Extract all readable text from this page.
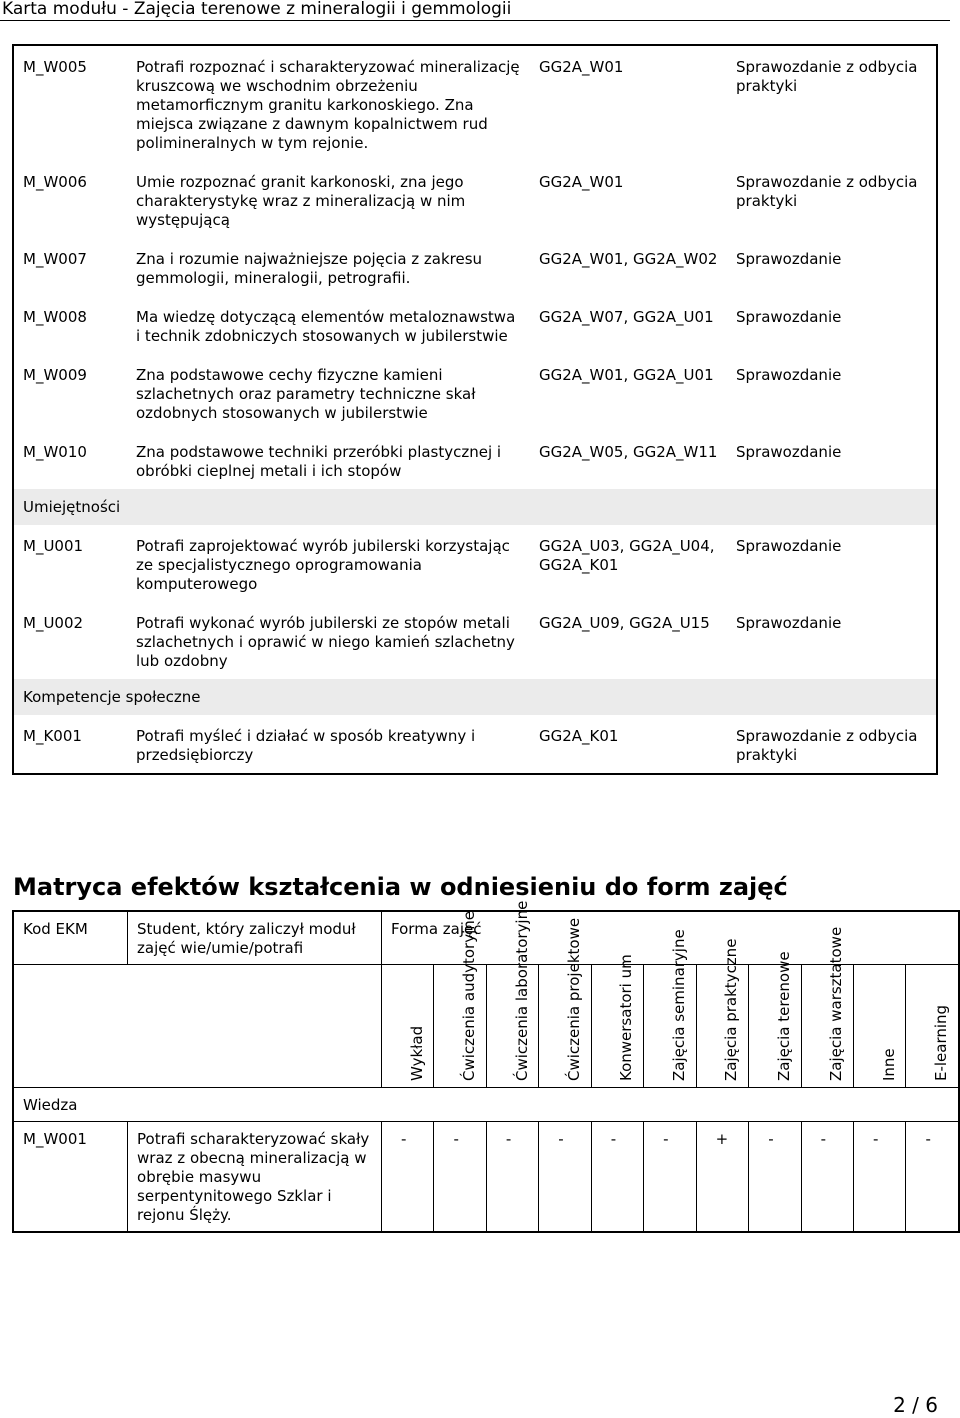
Karta modułu - Zajęcia terenowe z mineralogii i gemmologii
M_W005	Potrafi rozpoznać i scharakteryzować mineralizację kruszcową we wschodnim obrzeżeniu metamorficznym granitu karkonoskiego. Zna miejsca związane z dawnym kopalnictwem rud polimineralnych w tym rejonie.	GG2A_W01	Sprawozdanie z odbycia praktyki
M_W006	Umie rozpoznać granit karkonoski, zna jego charakterystykę wraz z mineralizacją w nim występującą	GG2A_W01	Sprawozdanie z odbycia praktyki
M_W007	Zna i rozumie najważniejsze pojęcia z zakresu gemmologii, mineralogii, petrografii.	GG2A_W01, GG2A_W02	Sprawozdanie
M_W008	Ma wiedzę dotyczącą elementów metaloznawstwa i technik zdobniczych stosowanych w jubilerstwie	GG2A_W07, GG2A_U01	Sprawozdanie
M_W009	Zna podstawowe cechy fizyczne kamieni szlachetnych oraz parametry techniczne skał ozdobnych stosowanych w jubilerstwie	GG2A_W01, GG2A_U01	Sprawozdanie
M_W010	Zna podstawowe techniki przeróbki plastycznej i obróbki cieplnej metali i ich stopów	GG2A_W05, GG2A_W11	Sprawozdanie
Umiejętności			
M_U001	Potrafi zaprojektować wyrób jubilerski korzystając ze specjalistycznego oprogramowania komputerowego	GG2A_U03, GG2A_U04, GG2A_K01	Sprawozdanie
M_U002	Potrafi wykonać wyrób jubilerski ze stopów metali szlachetnych i oprawić w niego kamień szlachetny lub ozdobny	GG2A_U09, GG2A_U15	Sprawozdanie
Kompetencje społeczne			
M_K001	Potrafi myśleć i działać w sposób kreatywny i przedsiębiorczy	GG2A_K01	Sprawozdanie z odbycia praktyki
Matryca efektów kształcenia w odniesieniu do form zajęć
Kod EKM	Student, który zaliczył moduł zajęć wie/umie/potrafi	Forma zajęć										

		Wykład	Ćwiczenia audytoryjne	Ćwiczenia laboratoryjne	Ćwiczenia projektowe	Konwersatori um	Zajęcia seminaryjne	Zajęcia praktyczne	Zajęcia terenowe	Zajęcia warsztatowe	Inne	E-learning

Wiedza												
M_W001	Potrafi scharakteryzować skały wraz z obecną mineralizacją w obrębie masywu serpentynitowego Szklar i rejonu Ślęży.	-	-	-	-	-	-	+	-	-	-	-
2 / 6
